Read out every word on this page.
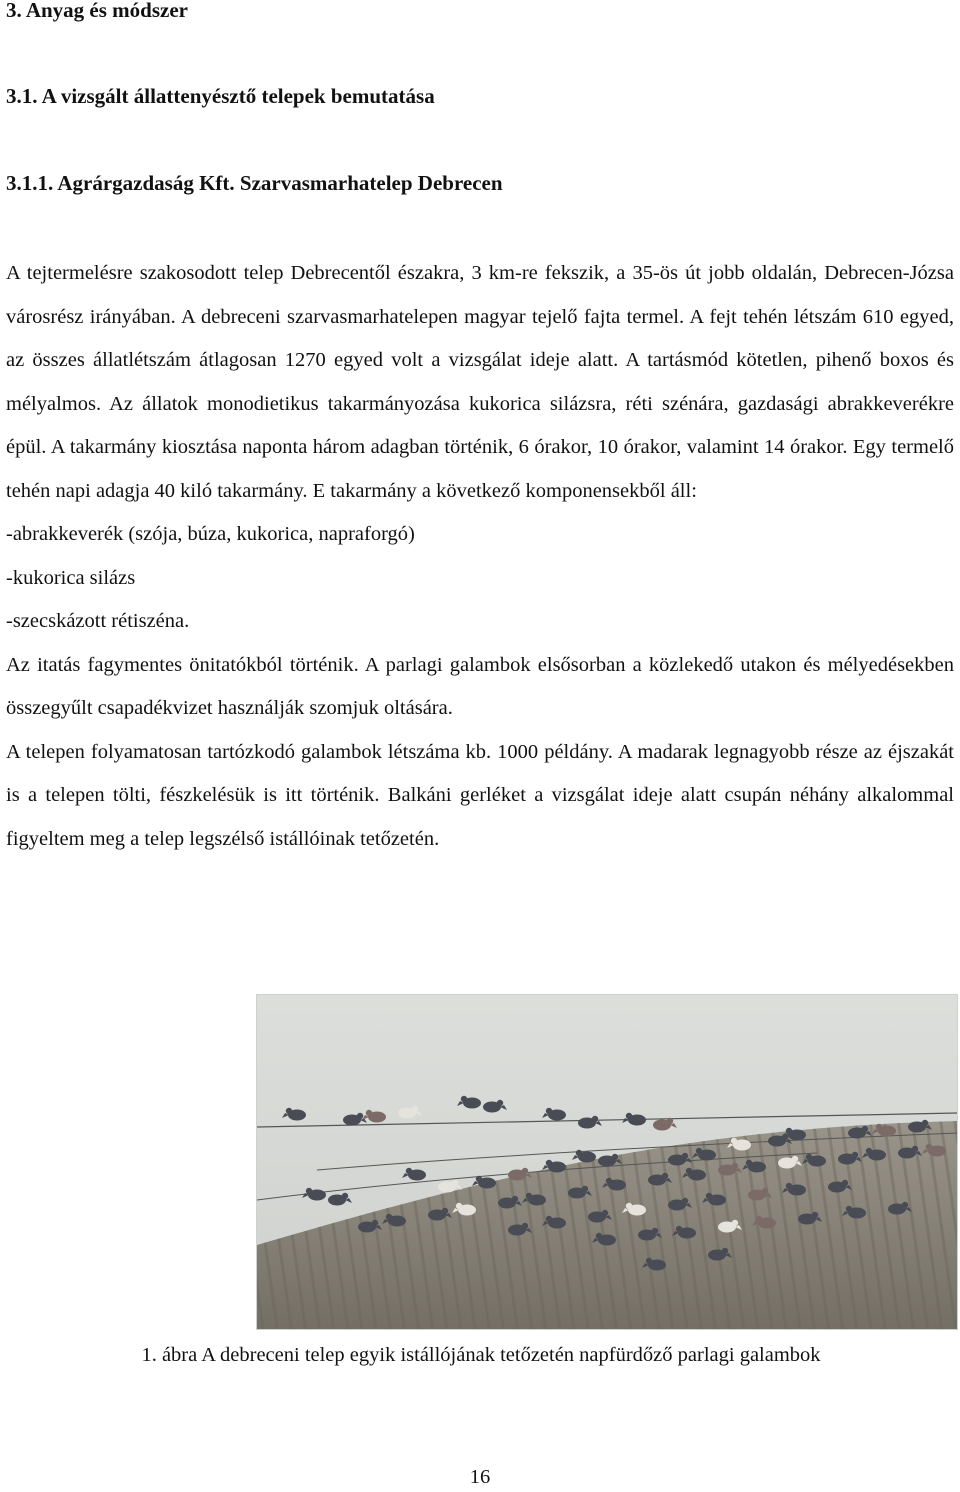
3. Anyag és módszer
3.1. A vizsgált állattenyésztő telepek bemutatása
3.1.1. Agrárgazdaság Kft. Szarvasmarhatelep Debrecen

A tejtermelésre szakosodott telep Debrecentől északra, 3 km-re fekszik, a 35-ös út jobb oldalán, Debrecen-Józsa városrész irányában. A debreceni szarvasmarhatelepen magyar tejelő fajta termel. A fejt tehén létszám 610 egyed, az összes állatlétszám átlagosan 1270 egyed volt a vizsgálat ideje alatt. A tartásmód kötetlen, pihenő boxos és mélyalmos. Az állatok monodietikus takarmányozása kukorica silázsra, réti szénára, gazdasági abrakkeverékre épül. A takarmány kiosztása naponta három adagban történik, 6 órakor, 10 órakor, valamint 14 órakor. Egy termelő tehén napi adagja 40 kiló takarmány. E takarmány a következő komponensekből áll:

-abrakkeverék (szója, búza, kukorica, napraforgó)

-kukorica silázs

-szecskázott rétiszéna.

Az itatás fagymentes önitatókból történik. A parlagi galambok elsősorban a közlekedő utakon és mélyedésekben összegyűlt csapadékvizet használják szomjuk oltására.

A telepen folyamatosan tartózkodó galambok létszáma kb. 1000 példány. A madarak legnagyobb része az éjszakát is a telepen tölti, fészkelésük is itt történik. Balkáni gerléket a vizsgálat ideje alatt csupán néhány alkalommal figyeltem meg a telep legszélső istállóinak tetőzetén.

1. ábra A debreceni telep egyik istállójának tetőzetén napfürdőző parlagi galambok

16
